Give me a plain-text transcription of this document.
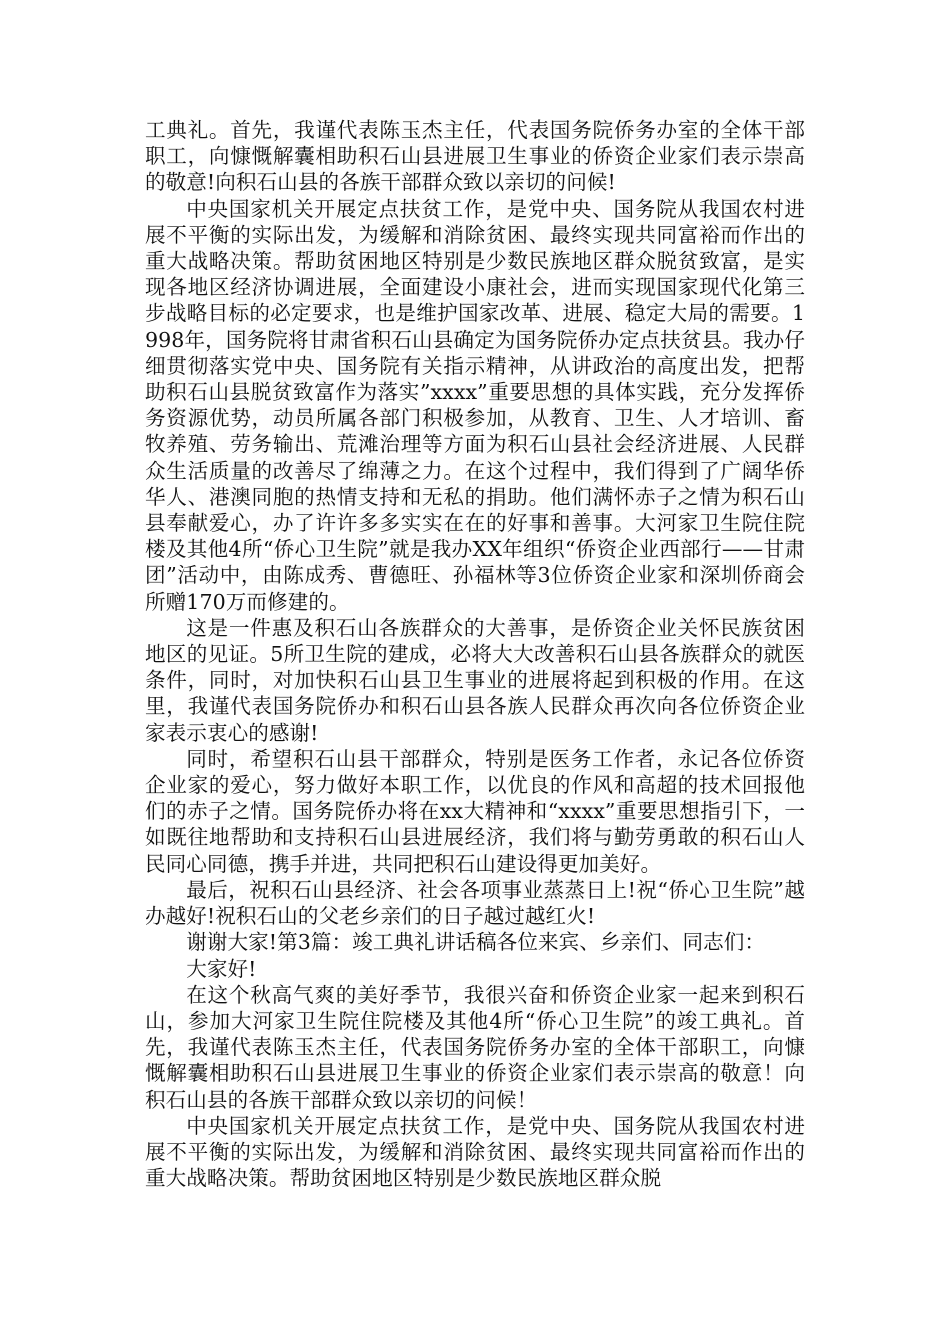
工典礼。首先，我谨代表陈玉杰主任，代表国务院侨务办室的全体干部职工，向慷慨解囊相助积石山县进展卫生事业的侨资企业家们表示崇高的敬意!向积石山县的各族干部群众致以亲切的问候!

中央国家机关开展定点扶贫工作，是党中央、国务院从我国农村进展不平衡的实际出发，为缓解和消除贫困、最终实现共同富裕而作出的重大战略决策。帮助贫困地区特别是少数民族地区群众脱贫致富，是实现各地区经济协调进展，全面建设小康社会，进而实现国家现代化第三步战略目标的必定要求，也是维护国家改革、进展、稳定大局的需要。1998年，国务院将甘肃省积石山县确定为国务院侨办定点扶贫县。我办仔细贯彻落实党中央、国务院有关指示精神，从讲政治的高度出发，把帮助积石山县脱贫致富作为落实”xxxx”重要思想的具体实践，充分发挥侨务资源优势，动员所属各部门积极参加，从教育、卫生、人才培训、畜牧养殖、劳务输出、荒滩治理等方面为积石山县社会经济进展、人民群众生活质量的改善尽了绵薄之力。在这个过程中，我们得到了广阔华侨华人、港澳同胞的热情支持和无私的捐助。他们满怀赤子之情为积石山县奉献爱心，办了许许多多实实在在的好事和善事。大河家卫生院住院楼及其他4所“侨心卫生院”就是我办XX年组织“侨资企业西部行——甘肃团”活动中，由陈成秀、曹德旺、孙福林等3位侨资企业家和深圳侨商会所赠170万而修建的。

这是一件惠及积石山各族群众的大善事，是侨资企业关怀民族贫困地区的见证。5所卫生院的建成，必将大大改善积石山县各族群众的就医条件，同时，对加快积石山县卫生事业的进展将起到积极的作用。在这里，我谨代表国务院侨办和积石山县各族人民群众再次向各位侨资企业家表示衷心的感谢!

同时，希望积石山县干部群众，特别是医务工作者，永记各位侨资企业家的爱心，努力做好本职工作，以优良的作风和高超的技术回报他们的赤子之情。国务院侨办将在xx大精神和“xxxx”重要思想指引下，一如既往地帮助和支持积石山县进展经济，我们将与勤劳勇敢的积石山人民同心同德，携手并进，共同把积石山建设得更加美好。

最后，祝积石山县经济、社会各项事业蒸蒸日上!祝“侨心卫生院”越办越好!祝积石山的父老乡亲们的日子越过越红火!

谢谢大家!第3篇：竣工典礼讲话稿各位来宾、乡亲们、同志们：

大家好!

在这个秋高气爽的美好季节，我很兴奋和侨资企业家一起来到积石山，参加大河家卫生院住院楼及其他4所“侨心卫生院”的竣工典礼。首先，我谨代表陈玉杰主任，代表国务院侨务办室的全体干部职工，向慷慨解囊相助积石山县进展卫生事业的侨资企业家们表示崇高的敬意！向积石山县的各族干部群众致以亲切的问候！

中央国家机关开展定点扶贫工作，是党中央、国务院从我国农村进展不平衡的实际出发，为缓解和消除贫困、最终实现共同富裕而作出的重大战略决策。帮助贫困地区特别是少数民族地区群众脱
